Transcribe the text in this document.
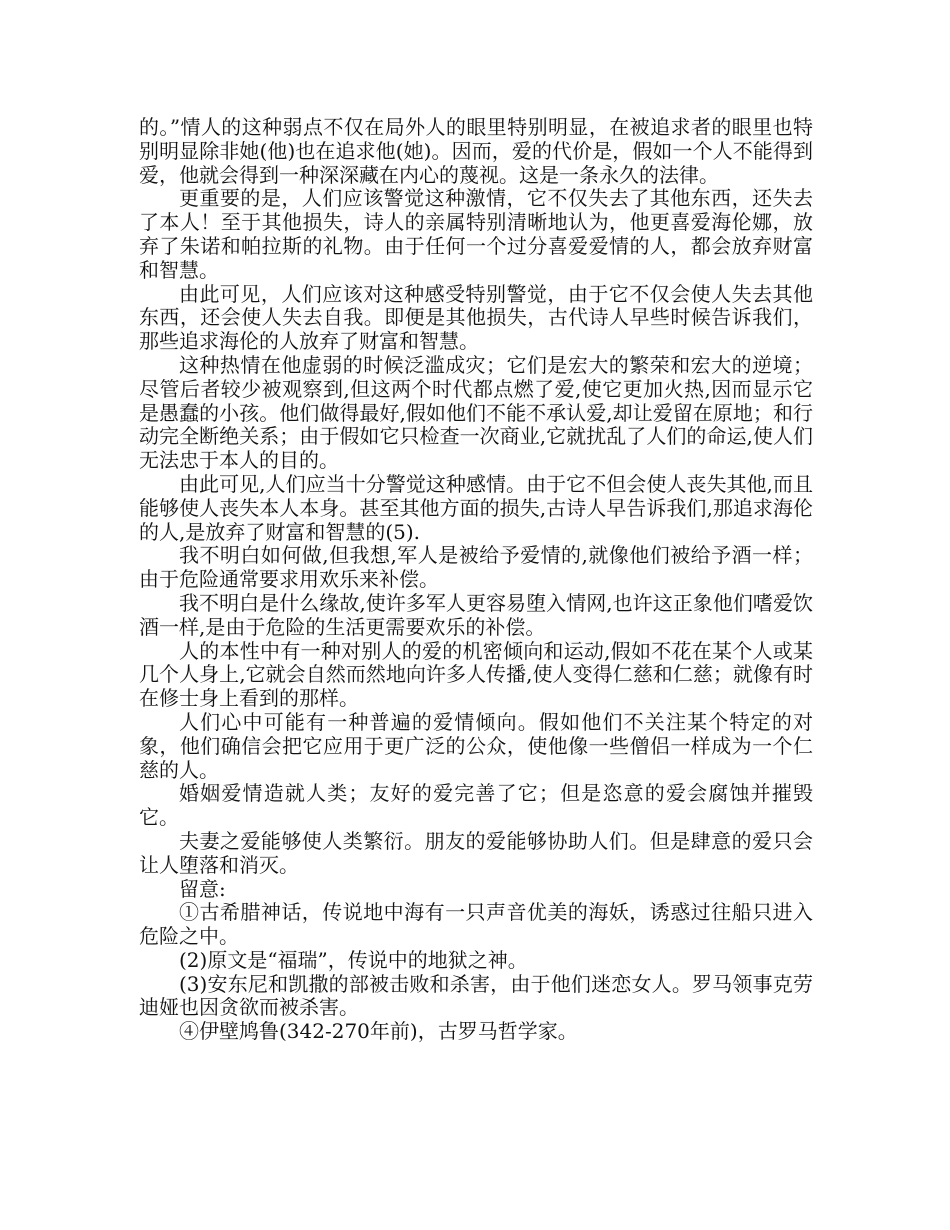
的。”情人的这种弱点不仅在局外人的眼里特别明显，在被追求者的眼里也特别明显除非她(他)也在追求他(她)。因而，爱的代价是，假如一个人不能得到爱，他就会得到一种深深藏在内心的蔑视。这是一条永久的法律。

更重要的是，人们应该警觉这种激情，它不仅失去了其他东西，还失去了本人！至于其他损失，诗人的亲属特别清晰地认为，他更喜爱海伦娜，放弃了朱诺和帕拉斯的礼物。由于任何一个过分喜爱爱情的人，都会放弃财富和智慧。

由此可见，人们应该对这种感受特别警觉，由于它不仅会使人失去其他东西，还会使人失去自我。即便是其他损失，古代诗人早些时候告诉我们，那些追求海伦的人放弃了财富和智慧。

这种热情在他虚弱的时候泛滥成灾；它们是宏大的繁荣和宏大的逆境；尽管后者较少被观察到,但这两个时代都点燃了爱,使它更加火热,因而显示它是愚蠢的小孩。他们做得最好,假如他们不能不承认爱,却让爱留在原地；和行动完全断绝关系；由于假如它只检查一次商业,它就扰乱了人们的命运,使人们无法忠于本人的目的。

由此可见,人们应当十分警觉这种感情。由于它不但会使人丧失其他,而且能够使人丧失本人本身。甚至其他方面的损失,古诗人早告诉我们,那追求海伦的人,是放弃了财富和智慧的(5).

我不明白如何做,但我想,军人是被给予爱情的,就像他们被给予酒一样；由于危险通常要求用欢乐来补偿。

我不明白是什么缘故,使许多军人更容易堕入情网,也许这正象他们嗜爱饮酒一样,是由于危险的生活更需要欢乐的补偿。

人的本性中有一种对别人的爱的机密倾向和运动,假如不花在某个人或某几个人身上,它就会自然而然地向许多人传播,使人变得仁慈和仁慈；就像有时在修士身上看到的那样。

人们心中可能有一种普遍的爱情倾向。假如他们不关注某个特定的对象，他们确信会把它应用于更广泛的公众，使他像一些僧侣一样成为一个仁慈的人。

婚姻爱情造就人类；友好的爱完善了它；但是恣意的爱会腐蚀并摧毁它。

夫妻之爱能够使人类繁衍。朋友的爱能够协助人们。但是肆意的爱只会让人堕落和消灭。

留意:

①古希腊神话，传说地中海有一只声音优美的海妖，诱惑过往船只进入危险之中。

(2)原文是“福瑞”，传说中的地狱之神。

(3)安东尼和凯撒的部被击败和杀害，由于他们迷恋女人。罗马领事克劳迪娅也因贪欲而被杀害。

④伊壁鸠鲁(342-270年前)，古罗马哲学家。
